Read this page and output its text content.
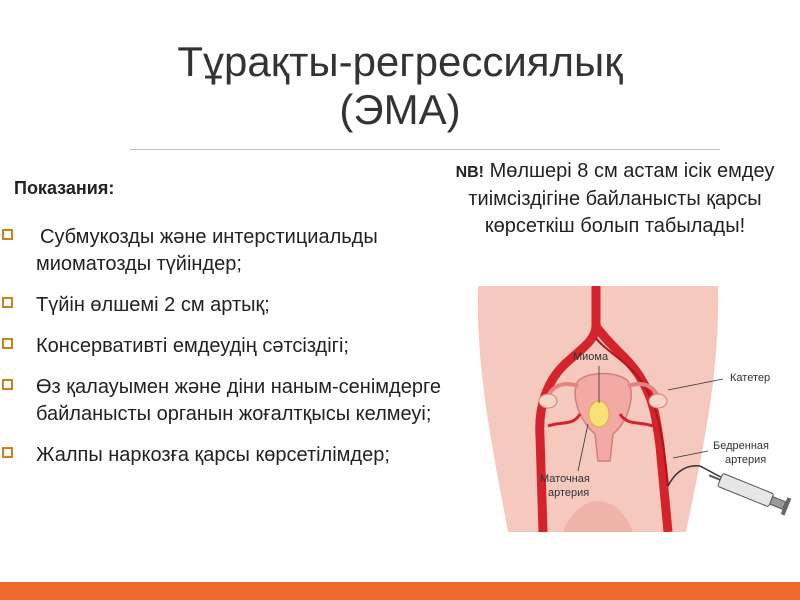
Тұрақты-регрессиялық
(ЭМА)
Показания:
Субмукозды және интерстициальды миоматозды түйіндер;
Түйін өлшемі 2 см артық;
Консервативті емдеудің сәтсіздігі;
Өз қалауымен және діни наным-сенімдерге байланысты органын жоғалтқысы келмеуі;
Жалпы наркозға қарсы көрсетілімдер;
NB! Мөлшері 8 см астам ісік емдеу тиімсіздігіне байланысты қарсы көрсеткіш болып табылады!
Миома
Катетер
Бедренная
артерия
Маточная
артерия
